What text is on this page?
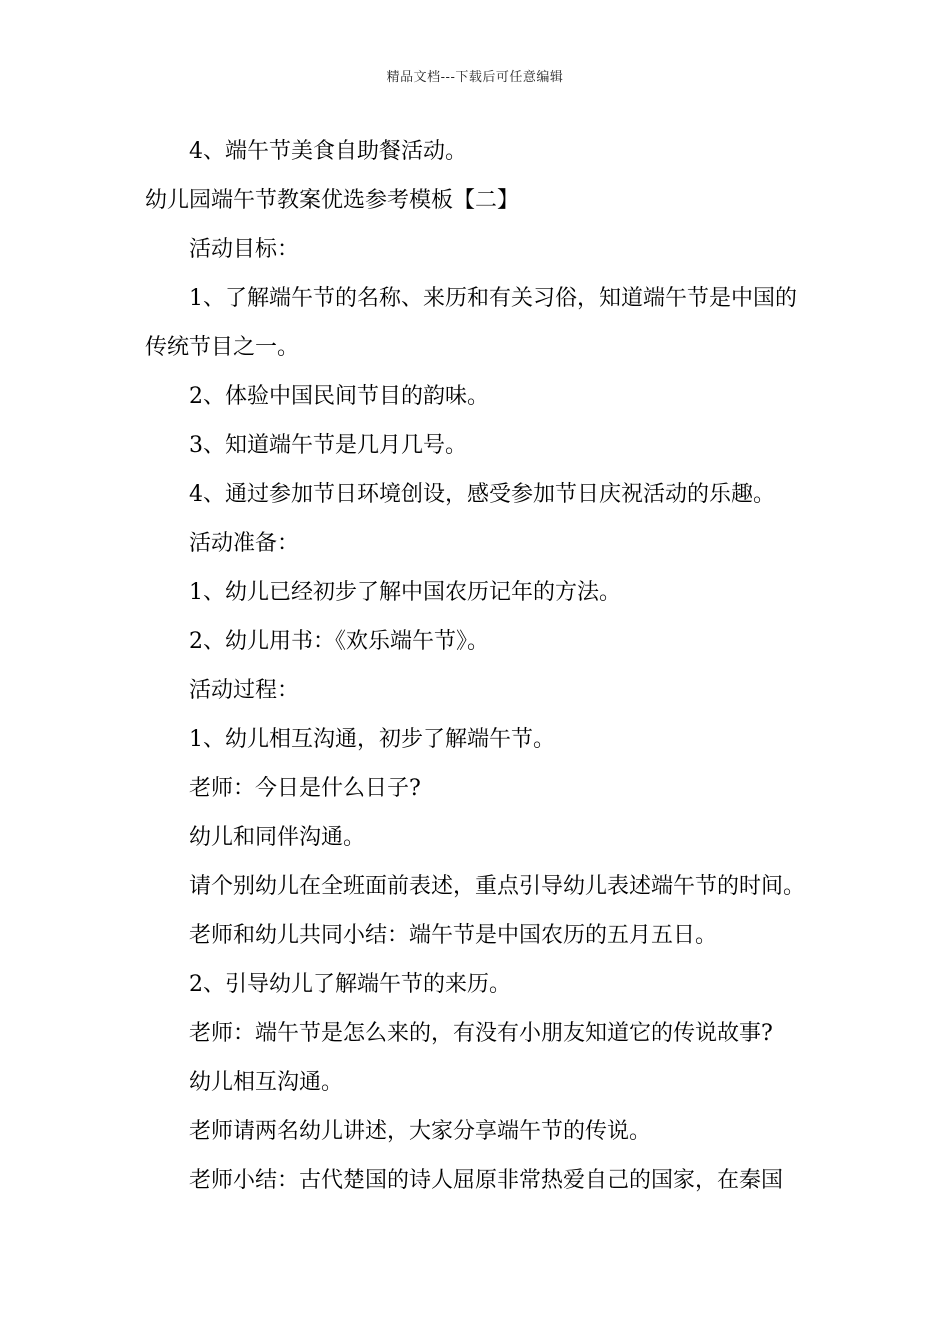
精品文档---下载后可任意编辑
4、端午节美食自助餐活动。
幼儿园端午节教案优选参考模板【二】
活动目标：
1、了解端午节的名称、来历和有关习俗，知道端午节是中国的
传统节目之一。
2、体验中国民间节目的韵味。
3、知道端午节是几月几号。
4、通过参加节日环境创设，感受参加节日庆祝活动的乐趣。
活动准备：
1、幼儿已经初步了解中国农历记年的方法。
2、幼儿用书：《欢乐端午节》。
活动过程：
1、幼儿相互沟通，初步了解端午节。
老师：今日是什么日子?
幼儿和同伴沟通。
请个别幼儿在全班面前表述，重点引导幼儿表述端午节的时间。
老师和幼儿共同小结：端午节是中国农历的五月五日。
2、引导幼儿了解端午节的来历。
老师：端午节是怎么来的，有没有小朋友知道它的传说故事?
幼儿相互沟通。
老师请两名幼儿讲述，大家分享端午节的传说。
老师小结：古代楚国的诗人屈原非常热爱自己的国家，在秦国
